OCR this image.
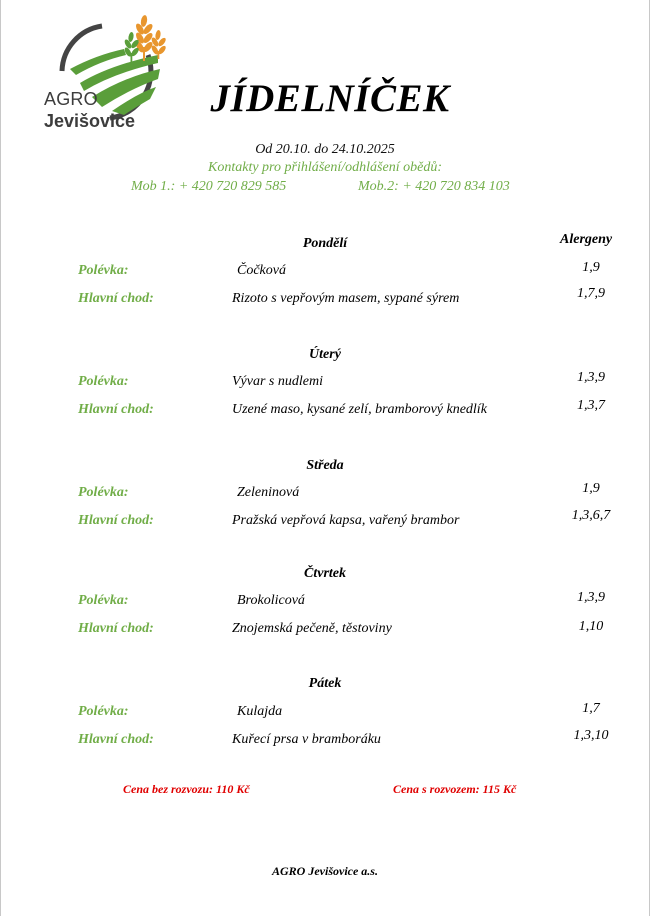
AGRO
Jevišovice
JÍDELNÍČEK
Od 20.10. do 24.10.2025
Kontakty pro přihlášení/odhlášení obědů:
Mob 1.: + 420 720 829 585	Mob.2: + 420 720 834 103
Alergeny
Pondělí
Polévka:	Čočková	1,9
Hlavní chod:	Rizoto s vepřovým masem, sypané sýrem	1,7,9
Úterý
Polévka:	Vývar s nudlemi	1,3,9
Hlavní chod:	Uzené maso, kysané zelí, bramborový knedlík	1,3,7
Středa
Polévka:	Zeleninová	1,9
Hlavní chod:	Pražská vepřová kapsa, vařený brambor	1,3,6,7
Čtvrtek
Polévka:	Brokolicová	1,3,9
Hlavní chod:	Znojemská pečeně, těstoviny	1,10
Pátek
Polévka:	Kulajda	1,7
Hlavní chod:	Kuřecí prsa v bramboráku	1,3,10
Cena bez rozvozu: 110 Kč	Cena s rozvozem: 115 Kč
AGRO Jevišovice a.s.
